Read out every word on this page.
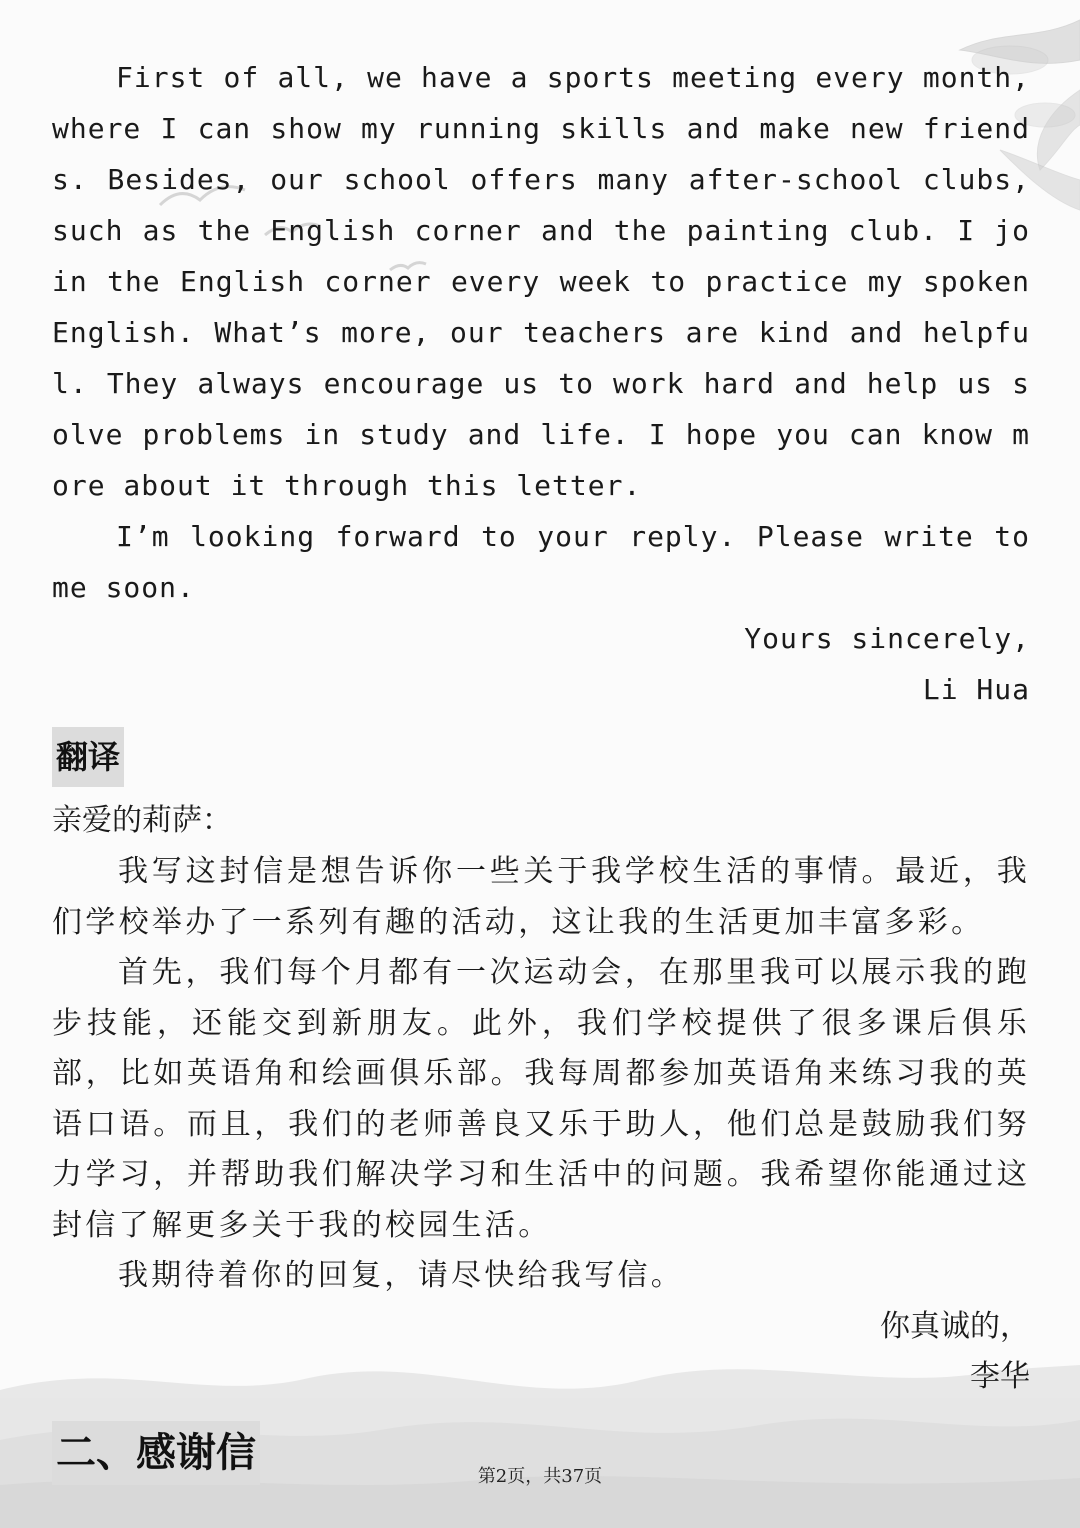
First of all, we have a sports meeting every month, where I can show my running skills and make new friends. Besides, our school offers many after-school clubs, such as the English corner and the painting club. I join the English corner every week to practice my spoken English. What’s more, our teachers are kind and helpful. They always encourage us to work hard and help us solve problems in study and life. I hope you can know more about it through this letter.

I’m looking forward to your reply. Please write to me soon.

Yours sincerely,
Li Hua
翻译
亲爱的莉萨：

我写这封信是想告诉你一些关于我学校生活的事情。最近，我们学校举办了一系列有趣的活动，这让我的生活更加丰富多彩。

首先，我们每个月都有一次运动会，在那里我可以展示我的跑步技能，还能交到新朋友。此外，我们学校提供了很多课后俱乐部，比如英语角和绘画俱乐部。我每周都参加英语角来练习我的英语口语。而且，我们的老师善良又乐于助人，他们总是鼓励我们努力学习，并帮助我们解决学习和生活中的问题。我希望你能通过这封信了解更多关于我的校园生活。

我期待着你的回复，请尽快给我写信。

你真诚的，
李华
二、感谢信
第2页，共37页
